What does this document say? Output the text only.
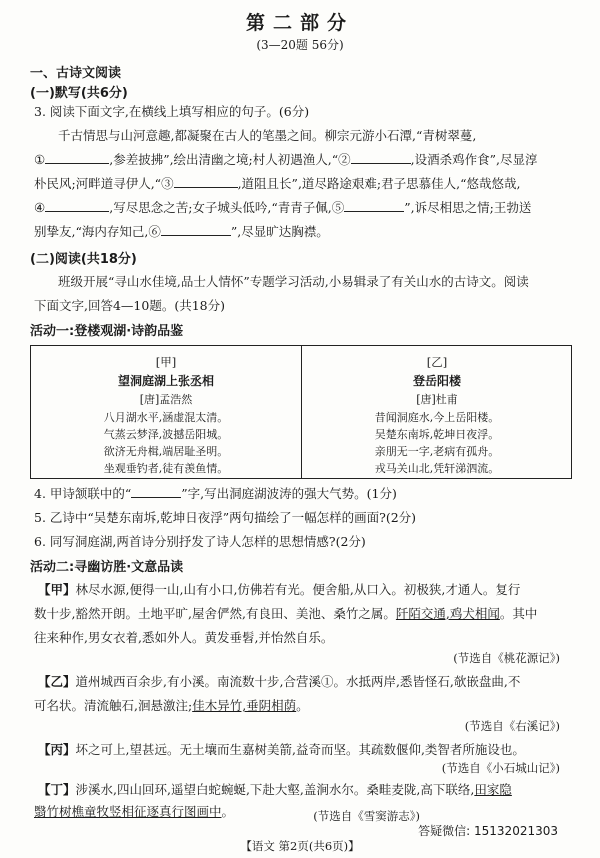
第二部分
(3—20题 56分)
一、古诗文阅读
(一)默写(共6分)
3. 阅读下面文字,在横线上填写相应的句子。(6分)
千古情思与山河意趣,都凝聚在古人的笔墨之间。柳宗元游小石潭,“青树翠蔓,
①	,参差披拂”,绘出清幽之境;村人初遇渔人,“②	,设酒杀鸡作食”,尽显淳
朴民风;河畔道寻伊人,“③	,道阻且长”,道尽路途艰难;君子思慕佳人,“悠哉悠哉,
④	,写尽思念之苦;女子城头低吟,“青青子佩,⑤	”,诉尽相思之情;王勃送
别挚友,“海内存知己,⑥	”,尽显旷达胸襟。
(二)阅读(共18分)
班级开展“寻山水佳境,品士人情怀”专题学习活动,小易辑录了有关山水的古诗文。阅读
下面文字,回答4—10题。(共18分)
活动一:登楼观湖·诗韵品鉴
[甲]
望洞庭湖上张丞相
[唐]孟浩然
八月湖水平,涵虚混太清。
气蒸云梦泽,波撼岳阳城。
欲济无舟楫,端居耻圣明。
坐观垂钓者,徒有羡鱼情。
[乙]
登岳阳楼
[唐]杜甫
昔闻洞庭水,今上岳阳楼。
吴楚东南坼,乾坤日夜浮。
亲朋无一字,老病有孤舟。
戎马关山北,凭轩涕泗流。
4. 甲诗颔联中的“	”字,写出洞庭湖波涛的强大气势。(1分)
5. 乙诗中“吴楚东南坼,乾坤日夜浮”两句描绘了一幅怎样的画面?(2分)
6. 同写洞庭湖,两首诗分别抒发了诗人怎样的思想情感?(2分)
活动二:寻幽访胜·文意品读
【甲】林尽水源,便得一山,山有小口,仿佛若有光。便舍船,从口入。初极狭,才通人。复行
数十步,豁然开朗。土地平旷,屋舍俨然,有良田、美池、桑竹之属。阡陌交通,鸡犬相闻。其中
往来种作,男女衣着,悉如外人。黄发垂髫,并怡然自乐。
(节选自《桃花源记》)
【乙】道州城西百余步,有小溪。南流数十步,合营溪①。水抵两岸,悉皆怪石,欹嵌盘曲,不
可名状。清流触石,洄悬激注;佳木异竹,垂阴相荫。
(节选自《右溪记》)
【丙】坏之可上,望甚远。无土壤而生嘉树美箭,益奇而坚。其疏数偃仰,类智者所施设也。
(节选自《小石城山记》)
【丁】涉溪水,四山回环,遥望白蛇蜿蜒,下赴大壑,盖涧水尔。桑畦麦陇,高下联络,田家隐
翳竹树樵童牧竖相征逐真行图画中。	(节选自《雪窦游志》)
答疑微信: 15132021303
【语文 第2页(共6页)】
